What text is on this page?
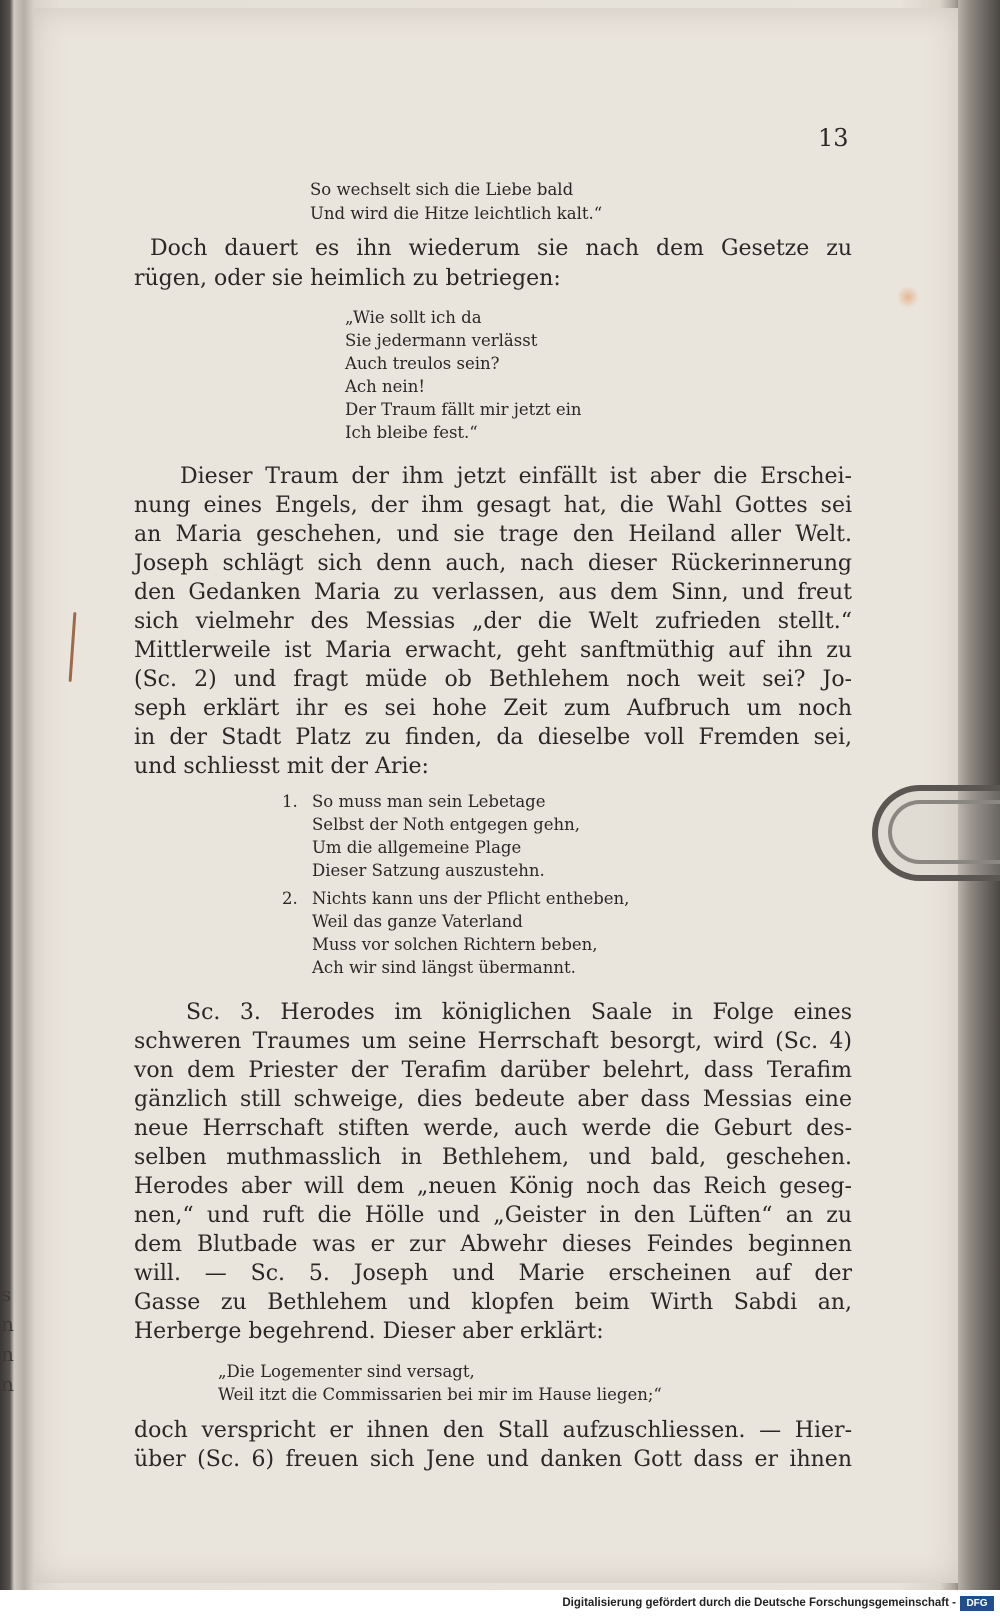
13
So wechselt sich die Liebe bald
Und wird die Hitze leichtlich kalt.“
Doch dauert es ihn wiederum sie nach dem Gesetze zu
rügen, oder sie heimlich zu betriegen:
„Wie sollt ich da
Sie jedermann verlässt
Auch treulos sein?
Ach nein!
Der Traum fällt mir jetzt ein
Ich bleibe fest.“
Dieser Traum der ihm jetzt einfällt ist aber die Erschei-
nung eines Engels, der ihm gesagt hat, die Wahl Gottes sei
an Maria geschehen, und sie trage den Heiland aller Welt.
Joseph schlägt sich denn auch, nach dieser Rückerinnerung
den Gedanken Maria zu verlassen, aus dem Sinn, und freut
sich vielmehr des Messias „der die Welt zufrieden stellt.“
Mittlerweile ist Maria erwacht, geht sanftmüthig auf ihn zu
(Sc. 2) und fragt müde ob Bethlehem noch weit sei? Jo-
seph erklärt ihr es sei hohe Zeit zum Aufbruch um noch
in der Stadt Platz zu finden, da dieselbe voll Fremden sei,
und schliesst mit der Arie:
1. So muss man sein Lebetage
Selbst der Noth entgegen gehn,
Um die allgemeine Plage
Dieser Satzung auszustehn.
2. Nichts kann uns der Pflicht entheben,
Weil das ganze Vaterland
Muss vor solchen Richtern beben,
Ach wir sind längst übermannt.
Sc. 3. Herodes im königlichen Saale in Folge eines
schweren Traumes um seine Herrschaft besorgt, wird (Sc. 4)
von dem Priester der Terafim darüber belehrt, dass Terafim
gänzlich still schweige, dies bedeute aber dass Messias eine
neue Herrschaft stiften werde, auch werde die Geburt des-
selben muthmasslich in Bethlehem, und bald, geschehen.
Herodes aber will dem „neuen König noch das Reich geseg-
nen,“ und ruft die Hölle und „Geister in den Lüften“ an zu
dem Blutbade was er zur Abwehr dieses Feindes beginnen
will. — Sc. 5. Joseph und Marie erscheinen auf der
Gasse zu Bethlehem und klopfen beim Wirth Sabdi an,
Herberge begehrend. Dieser aber erklärt:
„Die Logementer sind versagt,
Weil itzt die Commissarien bei mir im Hause liegen;“
doch verspricht er ihnen den Stall aufzuschliessen. — Hier-
über (Sc. 6) freuen sich Jene und danken Gott dass er ihnen
s
n
n
n
Digitalisierung gefördert durch die Deutsche Forschungsgemeinschaft -	DFG
